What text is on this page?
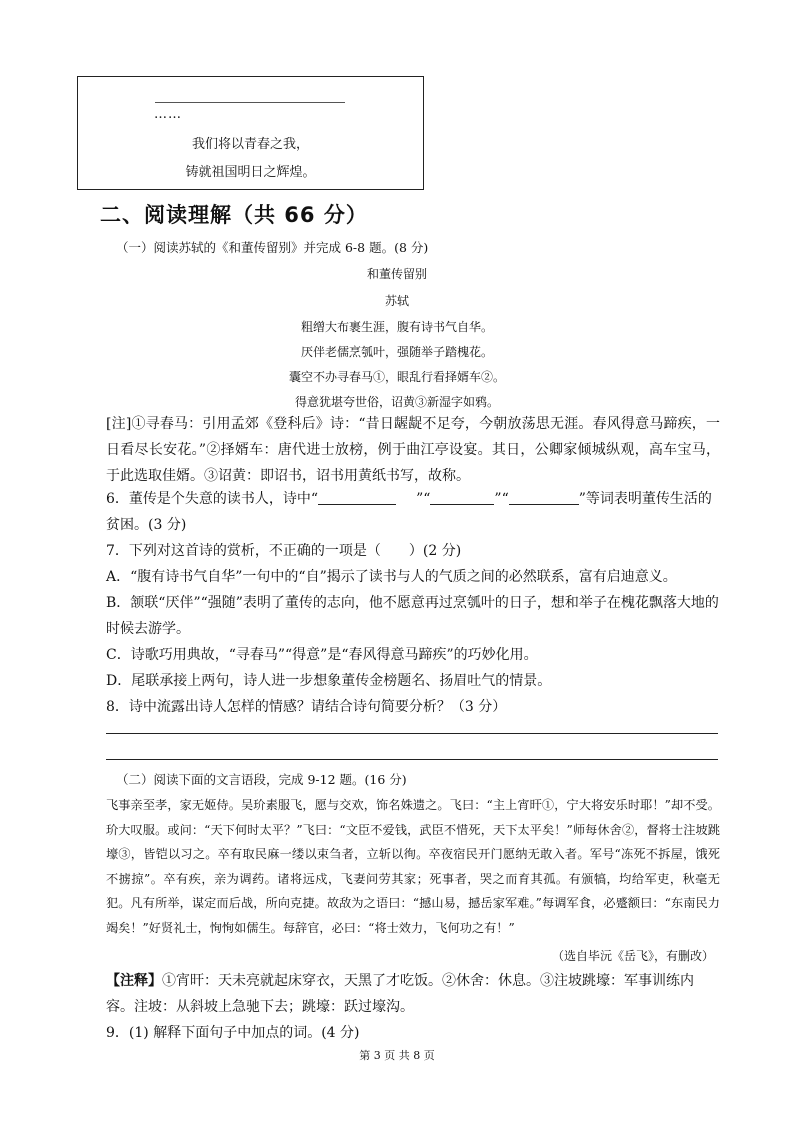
……
我们将以青春之我，
铸就祖国明日之辉煌。
二、阅读理解（共 66 分）
（一）阅读苏轼的《和董传留别》并完成 6-8 题。(8 分)
和董传留别
苏轼
粗缯大布裹生涯，腹有诗书气自华。
厌伴老儒烹瓠叶，强随举子踏槐花。
囊空不办寻春马①，眼乱行看择婿车②。
得意犹堪夸世俗，诏黄③新湿字如鸦。
[注]①寻春马：引用孟郊《登科后》诗：“昔日龌龊不足夸，今朝放荡思无涯。春风得意马蹄疾，一日看尽长安花。”②择婿车：唐代进士放榜，例于曲江亭设宴。其日，公卿家倾城纵观，高车宝马，于此选取佳婿。③诏黄：即诏书，诏书用黄纸书写，故称。
6．董传是个失意的读书人，诗中“	”“	”“	”等词表明董传生活的
贫困。(3 分)
7．下列对这首诗的赏析，不正确的一项是（　　）(2 分)
A．“腹有诗书气自华”一句中的“自”揭示了读书与人的气质之间的必然联系，富有启迪意义。
B．颔联“厌伴”“强随”表明了董传的志向，他不愿意再过烹瓠叶的日子，想和举子在槐花飘落大地的时候去游学。
C．诗歌巧用典故，“寻春马”“得意”是“春风得意马蹄疾”的巧妙化用。
D．尾联承接上两句，诗人进一步想象董传金榜题名、扬眉吐气的情景。
8．诗中流露出诗人怎样的情感？请结合诗句简要分析？（3 分）
（二）阅读下面的文言语段，完成 9-12 题。(16 分)
飞事亲至孝，家无姬侍。吴玠素服飞，愿与交欢，饰名姝遗之。飞曰：“主上宵旰①，宁大将安乐时耶！”却不受。玠大叹服。或问：“天下何时太平？”飞曰：“文臣不爱钱，武臣不惜死，天下太平矣！”师每休舍②，督将士注坡跳壕③，皆铠以习之。卒有取民麻一缕以束刍者，立斩以徇。卒夜宿民开门愿纳无敢入者。军号“冻死不拆屋，饿死不掳掠”。卒有疾，亲为调药。诸将远戍，飞妻问劳其家；死事者，哭之而育其孤。有颁犒，均给军吏，秋毫无犯。凡有所举，谋定而后战，所向克捷。故敌为之语曰：“撼山易，撼岳家军难。”每调军食，必蹙额曰：“东南民力竭矣！”好贤礼士，恂恂如儒生。每辞官，必曰：“将士效力，飞何功之有！”
（选自毕沅《岳飞》，有删改）
【注释】①宵旰：天未亮就起床穿衣，天黑了才吃饭。②休舍：休息。③注坡跳壕：军事训练内容。注坡：从斜坡上急驰下去；跳壕：跃过壕沟。
9．(1) 解释下面句子中加点的词。(4 分)
第 3 页 共 8 页
